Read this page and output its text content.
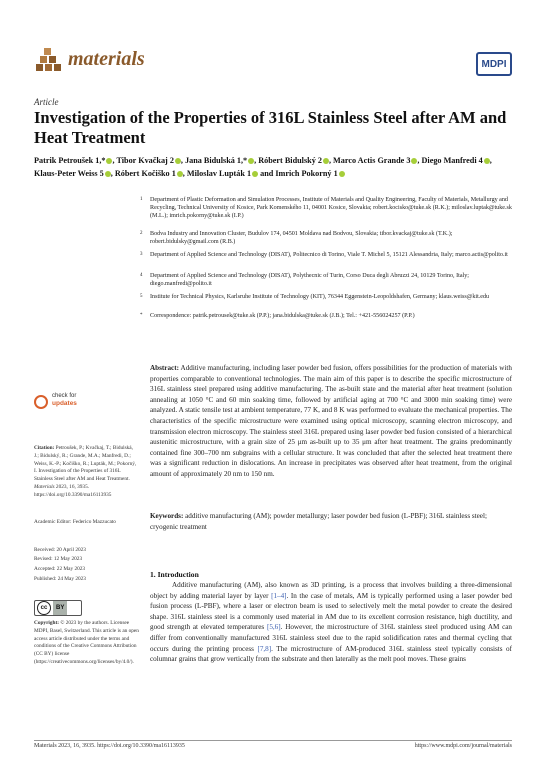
materials	MDPI
Article
Investigation of the Properties of 316L Stainless Steel after AM and Heat Treatment
Patrik Petroušek 1,* , Tibor Kvačkaj 2 , Jana Bidulská 1,* , Róbert Bidulský 2 , Marco Actis Grande 3 , Diego Manfredi 4 , Klaus-Peter Weiss 5 , Róbert Kočiško 1 , Miloslav Lupták 1 and Imrich Pokorný 1
1 Department of Plastic Deformation and Simulation Processes, Institute of Materials and Quality Engineering, Faculty of Materials, Metallurgy and Recycling, Technical University of Kosice, Park Komenského 11, 04001 Kosice, Slovakia; robert.kocisko@tuke.sk (R.K.); miloslav.luptak@tuke.sk (M.L.); imrich.pokorny@tuke.sk (I.P.)
2 Bodva Industry and Innovation Cluster, Budulov 174, 04501 Moldava nad Bodvou, Slovakia; tibor.kvackaj@tuke.sk (T.K.); robert.bidulsky@gmail.com (R.B.)
3 Department of Applied Science and Technology (DISAT), Politecnico di Torino, Viale T. Michel 5, 15121 Alessandria, Italy; marco.actis@polito.it
4 Department of Applied Science and Technology (DISAT), Polythecnic of Turin, Corso Duca degli Abruzzi 24, 10129 Torino, Italy; diego.manfredi@polito.it
5 Institute for Technical Physics, Karlsruhe Institute of Technology (KIT), 76344 Eggenstein-Leopoldshafen, Germany; klaus.weiss@kit.edu
* Correspondence: patrik.petrousek@tuke.sk (P.P.); jana.bidulska@tuke.sk (J.B.); Tel.: +421-556024257 (P.P.)
Abstract: Additive manufacturing, including laser powder bed fusion, offers possibilities for the production of materials with properties comparable to conventional technologies. The main aim of this paper is to describe the specific microstructure of 316L stainless steel prepared using additive manufacturing. The as-built state and the material after heat treatment (solution annealing at 1050 °C and 60 min soaking time, followed by artificial aging at 700 °C and 3000 min soaking time) were analyzed. A static tensile test at ambient temperature, 77 K, and 8 K was performed to evaluate the mechanical properties. The characteristics of the specific microstructure were examined using optical microscopy, scanning electron microscopy, and transmission electron microscopy. The stainless steel 316L prepared using laser powder bed fusion consisted of a hierarchical austenitic microstructure, with a grain size of 25 μm as-built up to 35 μm after heat treatment. The grains predominantly contained fine 300–700 nm subgrains with a cellular structure. It was concluded that after the selected heat treatment there was a significant reduction in dislocations. An increase in precipitates was observed after heat treatment, from the original amount of approximately 20 nm to 150 nm.
Keywords: additive manufacturing (AM); powder metallurgy; laser powder bed fusion (L-PBF); 316L stainless steel; cryogenic treatment
1. Introduction
Additive manufacturing (AM), also known as 3D printing, is a process that involves building a three-dimensional object by adding material layer by layer [1–4]. In the case of metals, AM is typically performed using a laser powder bed fusion process (L-PBF), where a laser or electron beam is used to selectively melt the metal powder to create the desired shape. 316L stainless steel is a commonly used material in AM due to its excellent corrosion resistance, high ductility, and good strength at elevated temperatures [5,6]. However, the microstructure of 316L stainless steel produced using AM can differ from conventionally manufactured 316L stainless steel due to the rapid solidification rates and thermal cycling that occurs during the printing process [7,8]. The microstructure of AM-produced 316L stainless steel typically consists of columnar grains that grow vertically from the substrate and then laterally as the melt pool moves. These grains
check for
updates
Citation: Petroušek, P.; Kvačkaj, T.; Bidulská, J.; Bidulský, R.; Grande, M.A.; Manfredi, D.; Weiss, K.-P.; Kočiško, R.; Lupták, M.; Pokorný, I. Investigation of the Properties of 316L Stainless Steel after AM and Heat Treatment. Materials 2023, 16, 3935. https://doi.org/10.3390/ma16113935
Academic Editor: Federico Mazzucato
Received: 20 April 2023
Revised: 12 May 2023
Accepted: 22 May 2023
Published: 24 May 2023
cc	BY
Copyright: © 2023 by the authors. Licensee MDPI, Basel, Switzerland. This article is an open access article distributed under the terms and conditions of the Creative Commons Attribution (CC BY) license (https://creativecommons.org/licenses/by/4.0/).
Materials 2023, 16, 3935. https://doi.org/10.3390/ma16113935	https://www.mdpi.com/journal/materials
